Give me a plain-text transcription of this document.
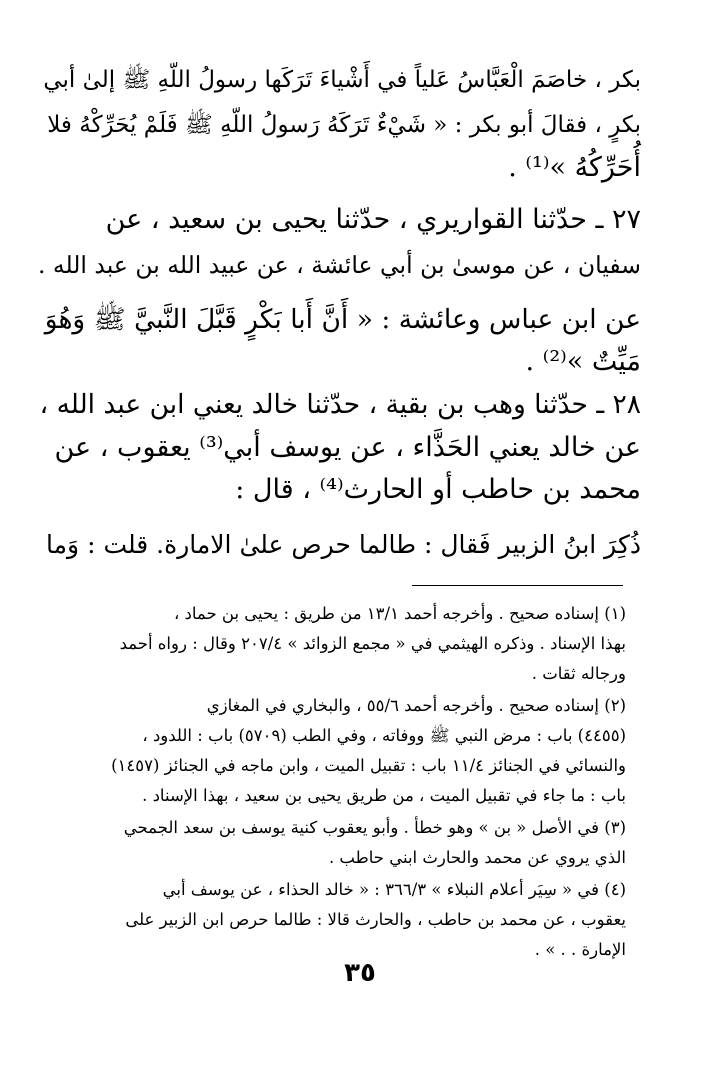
بكر ، خاصَمَ الْعَبَّاسُ عَلياً في أَشْياءَ تَرَكَها رسولُ اللّهِ ﷺ إلىٰ أبي
بكرٍ ، فقالَ أبو بكر : « شَيْءٌ تَرَكَهُ رَسولُ اللّهِ ﷺ فَلَمْ يُحَرِّكْهُ فلا
أُحَرِّكُهُ »⁽¹⁾ .
٢٧ ـ حدّثنا القواريري ، حدّثنا يحيى بن سعيد ، عن
سفيان ، عن موسىٰ بن أبي عائشة ، عن عبيد الله بن عبد الله .
عن ابن عباس وعائشة : « أَنَّ أَبا بَكْرٍ قَبَّلَ النَّبيَّ ﷺ وَهُوَ
مَيِّتٌ »⁽²⁾ .
٢٨ ـ حدّثنا وهب بن بقية ، حدّثنا خالد يعني ابن عبد الله ،
عن خالد يعني الحَذَّاء ، عن يوسف أبي⁽³⁾ يعقوب ، عن
محمد بن حاطب أو الحارث⁽⁴⁾ ، قال :
ذُكِرَ ابنُ الزبير فَقال : طالما حرص علىٰ الامارة. قلت : وَما
(١) إسناده صحيح . وأخرجه أحمد ١٣/١ من طريق : يحيى بن حماد ،
بهذا الإسناد . وذكره الهيثمي في « مجمع الزوائد » ٢٠٧/٤ وقال : رواه أحمد
ورجاله ثقات .
(٢) إسناده صحيح . وأخرجه أحمد ٥٥/٦ ، والبخاري في المغازي
(٤٤٥٥) باب : مرض النبي ﷺ ووفاته ، وفي الطب (٥٧٠٩) باب : اللدود ،
والنسائي في الجنائز ١١/٤ باب : تقبيل الميت ، وابن ماجه في الجنائز (١٤٥٧)
باب : ما جاء في تقبيل الميت ، من طريق يحيى بن سعيد ، بهذا الإسناد .
(٣) في الأصل « بن » وهو خطأ . وأبو يعقوب كنية يوسف بن سعد الجمحي
الذي يروي عن محمد والحارث ابني حاطب .
(٤) في « سِيَر أعلام النبلاء » ٣٦٦/٣ : « خالد الحذاء ، عن يوسف أبي
يعقوب ، عن محمد بن حاطب ، والحارث قالا : طالما حرص ابن الزبير على
الإمارة . . » .
٣٥
